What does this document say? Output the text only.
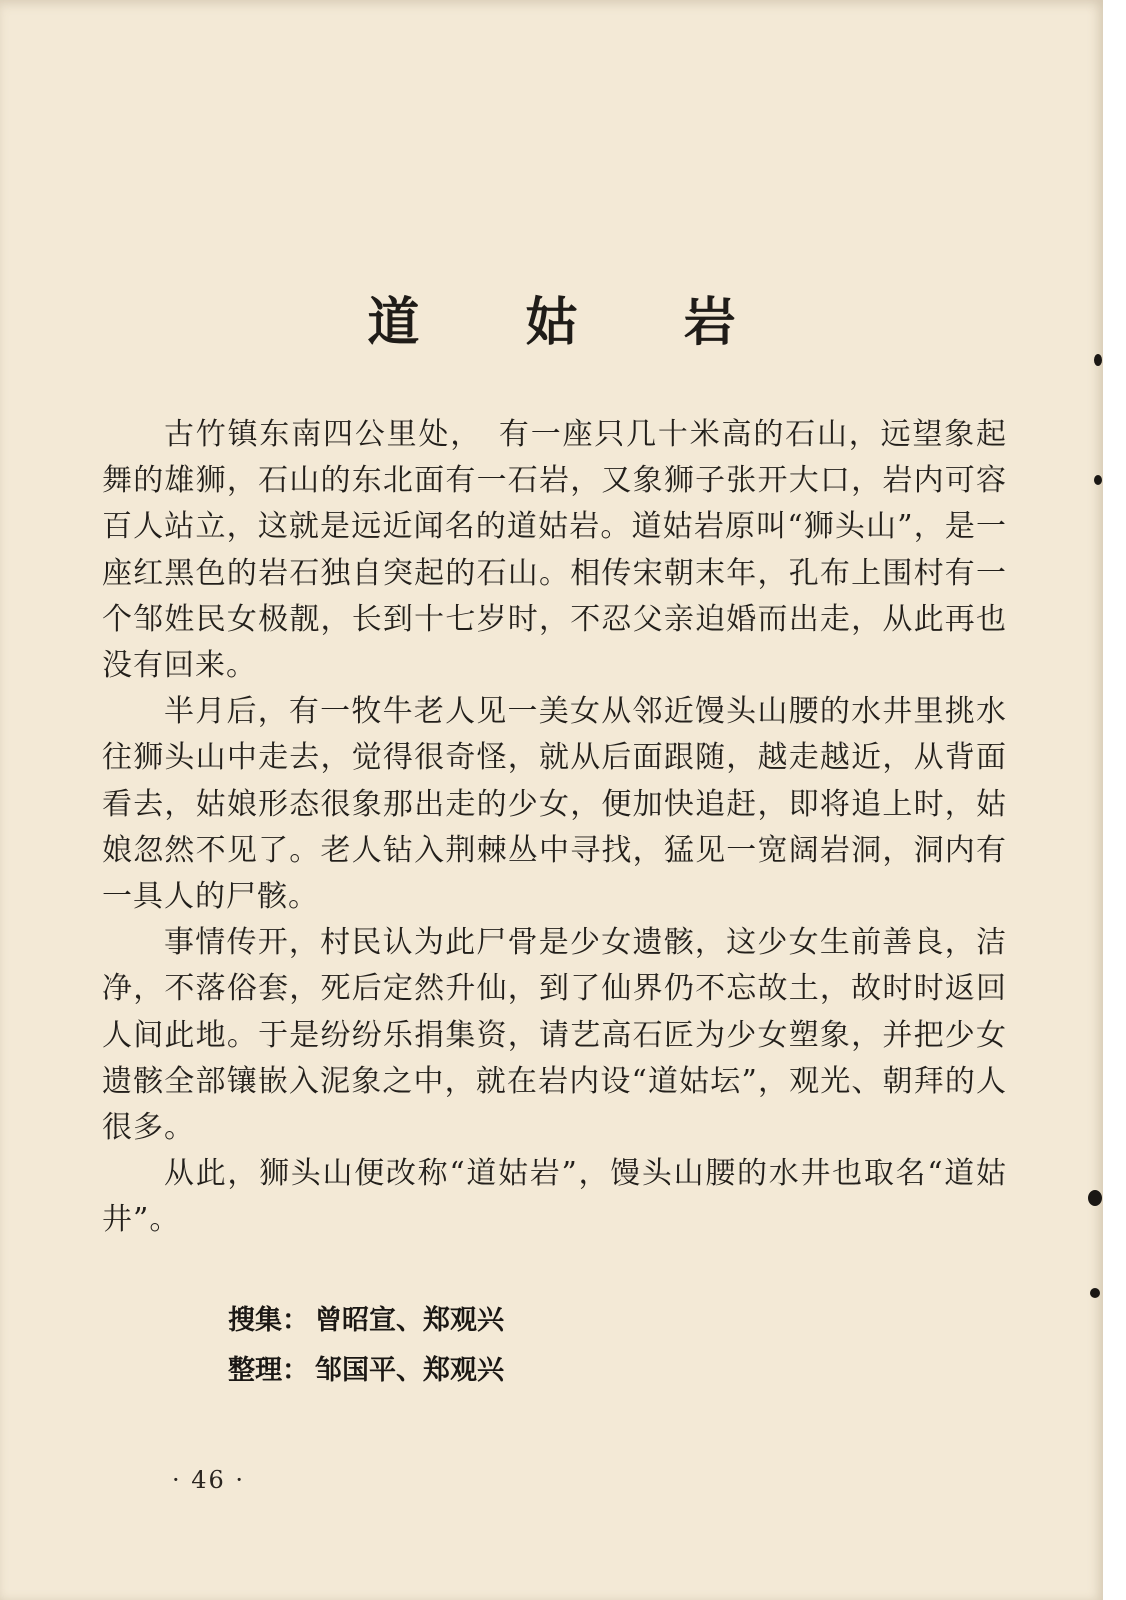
道 姑 岩

古竹镇东南四公里处，　有一座只几十米高的石山，远望象起舞的雄狮，石山的东北面有一石岩，又象狮子张开大口，岩内可容百人站立，这就是远近闻名的道姑岩。道姑岩原叫“狮头山”，是一座红黑色的岩石独自突起的石山。相传宋朝末年，孔布上围村有一个邹姓民女极靓，长到十七岁时，不忍父亲迫婚而出走，从此再也没有回来。

半月后，有一牧牛老人见一美女从邻近馒头山腰的水井里挑水往狮头山中走去，觉得很奇怪，就从后面跟随，越走越近，从背面看去，姑娘形态很象那出走的少女，便加快追赶，即将追上时，姑娘忽然不见了。老人钻入荆棘丛中寻找，猛见一宽阔岩洞，洞内有一具人的尸骸。

事情传开，村民认为此尸骨是少女遗骸，这少女生前善良，洁净，不落俗套，死后定然升仙，到了仙界仍不忘故土，故时时返回人间此地。于是纷纷乐捐集资，请艺高石匠为少女塑象，并把少女遗骸全部镶嵌入泥象之中，就在岩内设“道姑坛”，观光、朝拜的人很多。

从此，狮头山便改称“道姑岩”，馒头山腰的水井也取名“道姑井”。

搜集： 曾昭宣、郑观兴
整理： 邹国平、郑观兴
· 46 ·
